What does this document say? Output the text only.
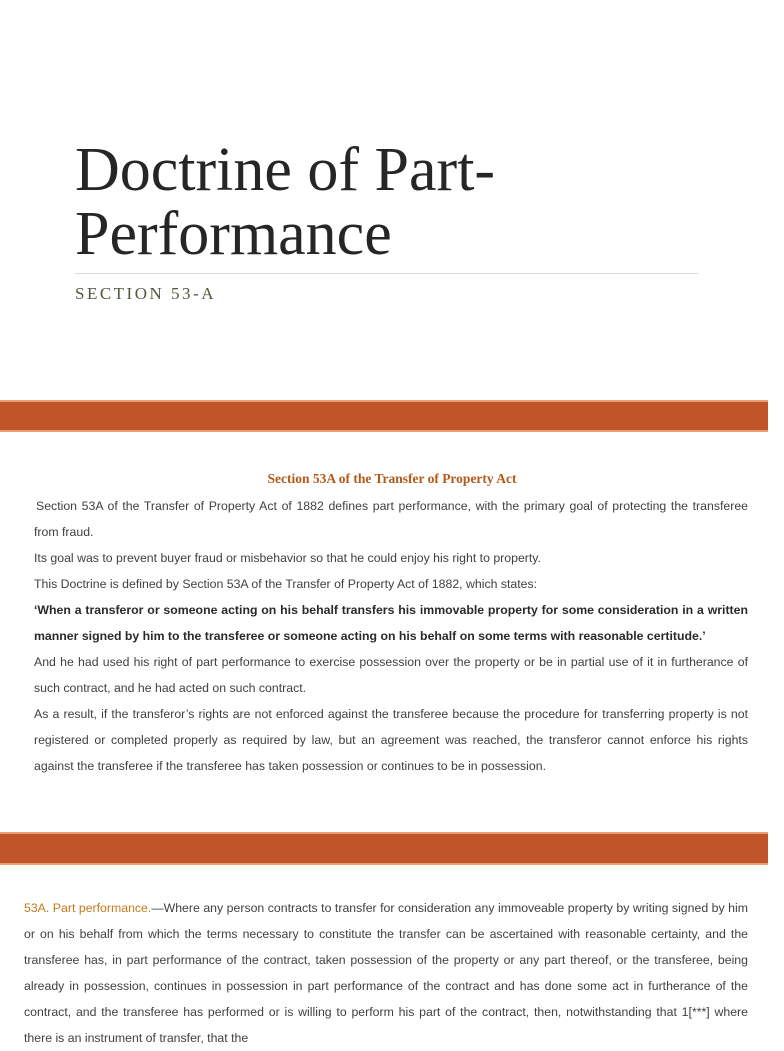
Doctrine of Part-
Performance
SECTION 53-A
Section 53A of the Transfer of Property Act

Section 53A of the Transfer of Property Act of 1882 defines part performance, with the primary goal of protecting the transferee from fraud.

Its goal was to prevent buyer fraud or misbehavior so that he could enjoy his right to property.

This Doctrine is defined by Section 53A of the Transfer of Property Act of 1882, which states:

‘When a transferor or someone acting on his behalf transfers his immovable property for some consideration in a written manner signed by him to the transferee or someone acting on his behalf on some terms with reasonable certitude.’

And he had used his right of part performance to exercise possession over the property or be in partial use of it in furtherance of such contract, and he had acted on such contract.

As a result, if the transferor’s rights are not enforced against the transferee because the procedure for transferring property is not registered or completed properly as required by law, but an agreement was reached, the transferor cannot enforce his rights against the transferee if the transferee has taken possession or continues to be in possession.

53A. Part performance.—Where any person contracts to transfer for consideration any immoveable property by writing signed by him or on his behalf from which the terms necessary to constitute the transfer can be ascertained with reasonable certainty, and the transferee has, in part performance of the contract, taken possession of the property or any part thereof, or the transferee, being already in possession, continues in possession in part performance of the contract and has done some act in furtherance of the contract, and the transferee has performed or is willing to perform his part of the contract, then, notwithstanding that 1[***] where there is an instrument of transfer, that the
